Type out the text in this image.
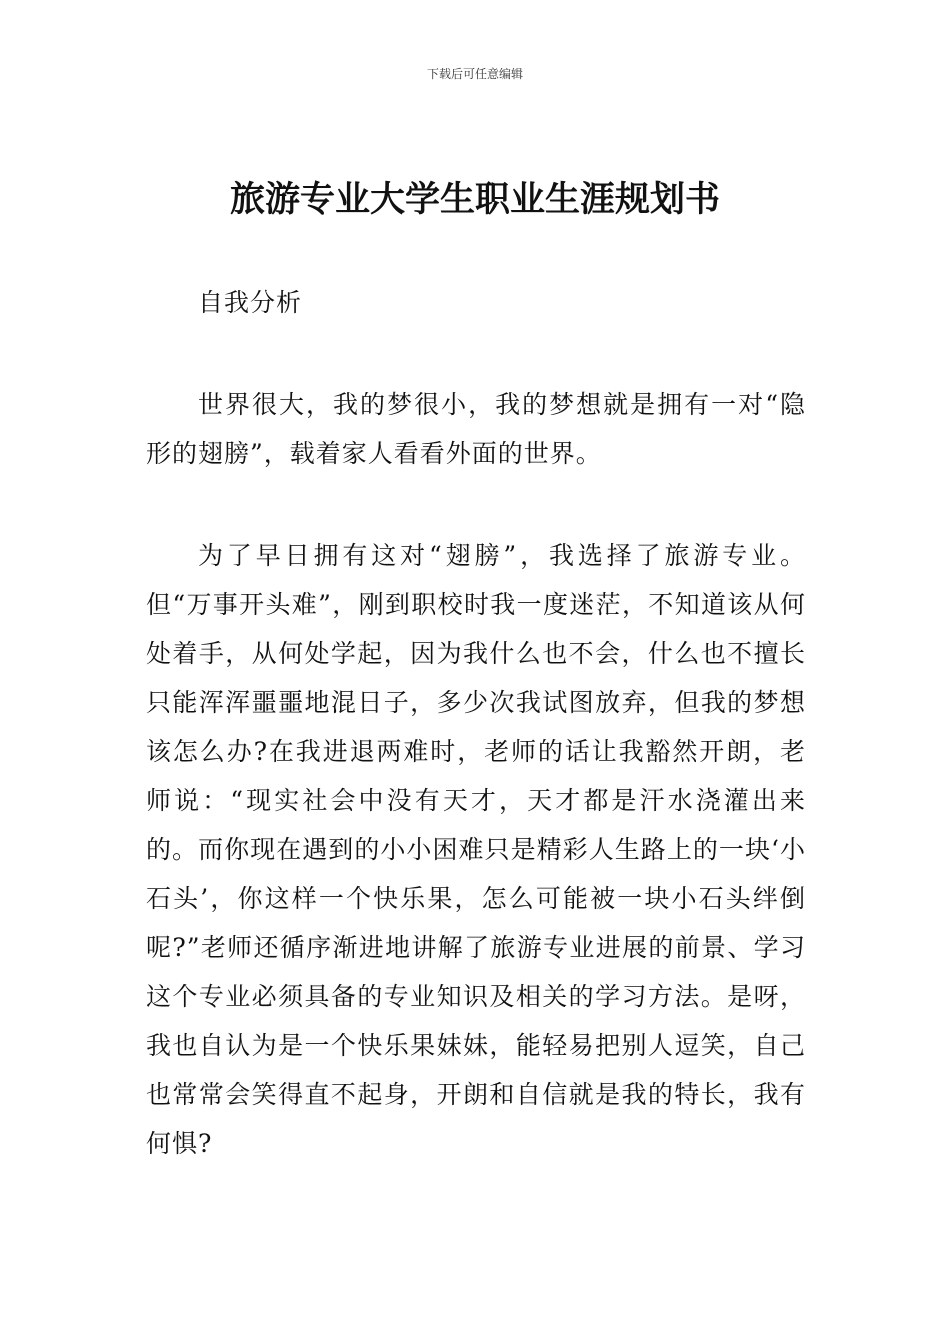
下载后可任意编辑
旅游专业大学生职业生涯规划书

自我分析

世界很大，我的梦很小，我的梦想就是拥有一对“隐形的翅膀”，载着家人看看外面的世界。

为了早日拥有这对“翅膀”，我选择了旅游专业。但“万事开头难”，刚到职校时我一度迷茫，不知道该从何处着手，从何处学起，因为我什么也不会，什么也不擅长只能浑浑噩噩地混日子，多少次我试图放弃，但我的梦想该怎么办?在我进退两难时，老师的话让我豁然开朗，老师说：“现实社会中没有天才，天才都是汗水浇灌出来的。而你现在遇到的小小困难只是精彩人生路上的一块‘小石头’，你这样一个快乐果，怎么可能被一块小石头绊倒呢?”老师还循序渐进地讲解了旅游专业进展的前景、学习这个专业必须具备的专业知识及相关的学习方法。是呀，我也自认为是一个快乐果妹妹，能轻易把别人逗笑，自己也常常会笑得直不起身，开朗和自信就是我的特长，我有何惧?
